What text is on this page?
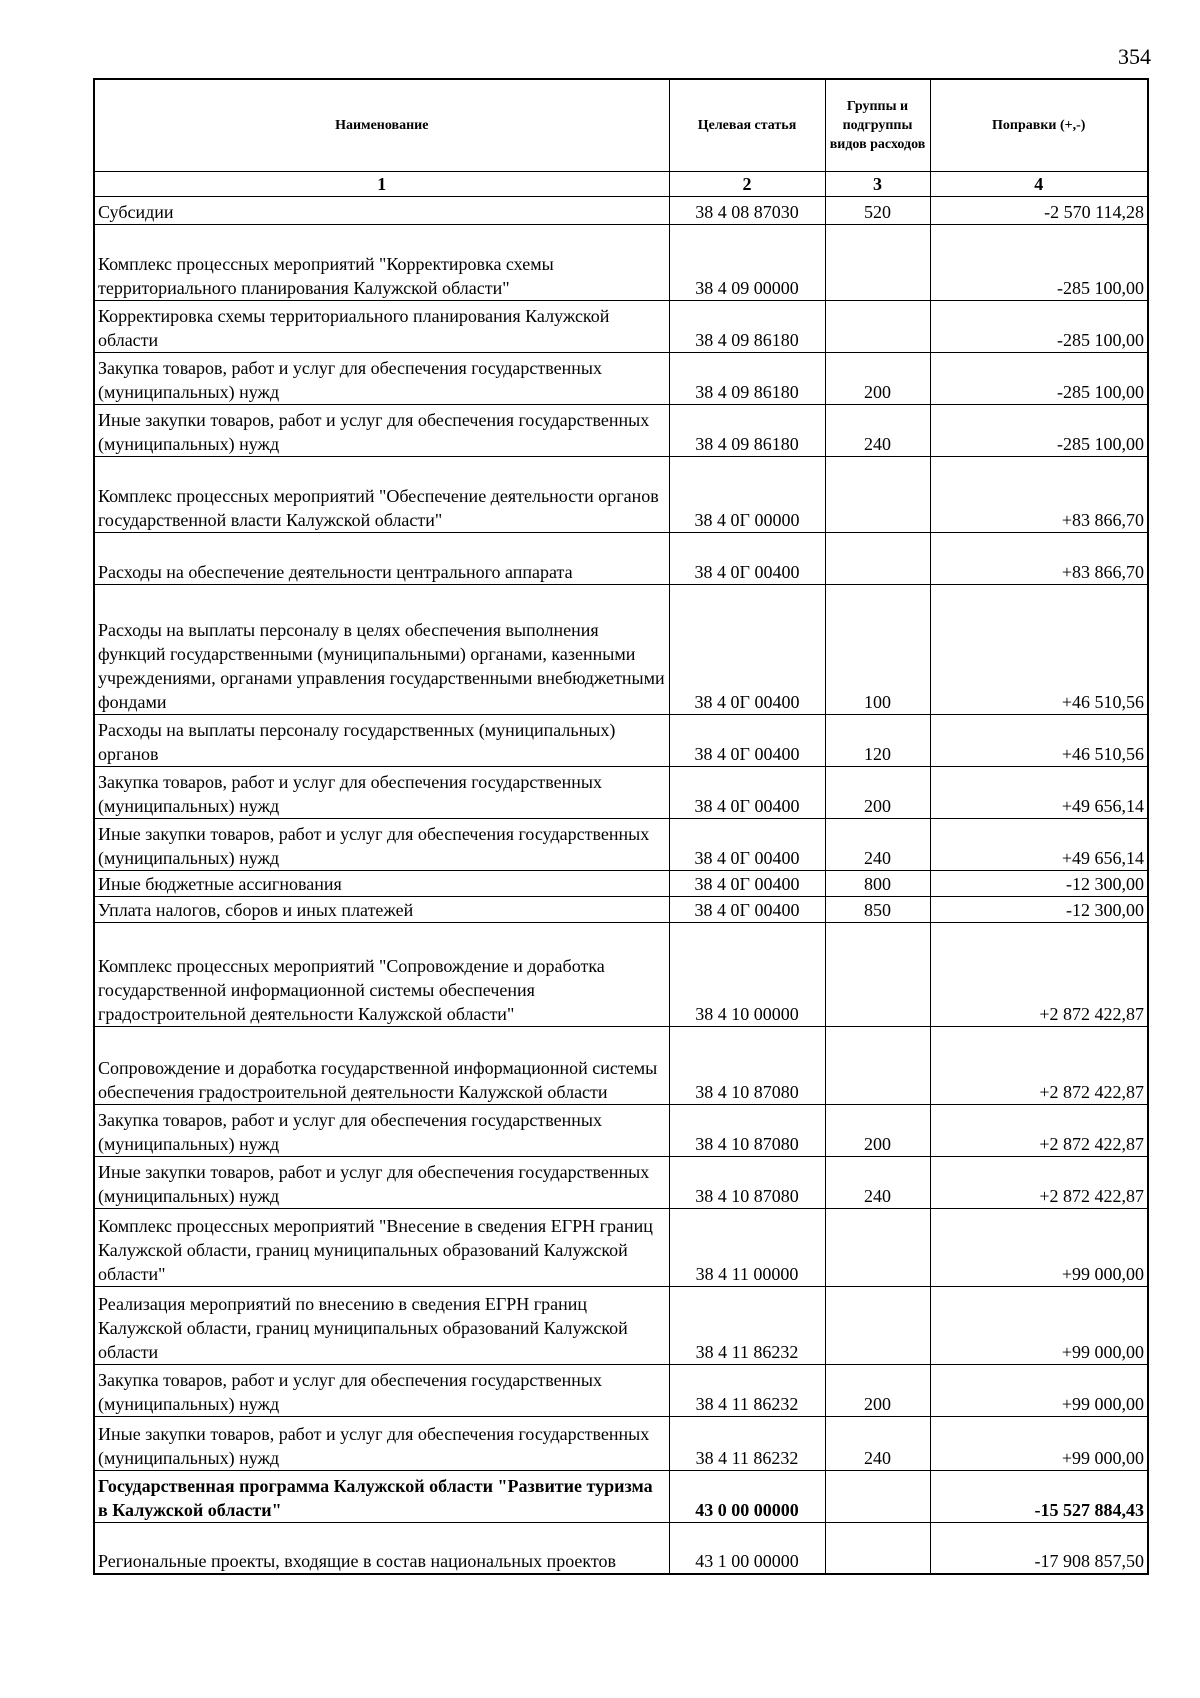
354
Наименование	Целевая статья	Группы и подгруппы видов расходов	Поправки (+,-)
1	2	3	4
Субсидии	38 4 08 87030	520	-2 570 114,28
Комплекс процессных мероприятий "Корректировка схемы территориального планирования Калужской области"	38 4 09 00000		-285 100,00
Корректировка схемы территориального планирования Калужской области	38 4 09 86180		-285 100,00
Закупка товаров, работ и услуг для обеспечения государственных (муниципальных) нужд	38 4 09 86180	200	-285 100,00
Иные закупки товаров, работ и услуг для обеспечения государственных (муниципальных) нужд	38 4 09 86180	240	-285 100,00
Комплекс процессных мероприятий "Обеспечение деятельности органов государственной власти Калужской области"	38 4 0Г 00000		+83 866,70
Расходы на обеспечение деятельности центрального аппарата	38 4 0Г 00400		+83 866,70
Расходы на выплаты персоналу в целях обеспечения выполнения функций государственными (муниципальными) органами, казенными учреждениями, органами управления государственными внебюджетными фондами	38 4 0Г 00400	100	+46 510,56
Расходы на выплаты персоналу государственных (муниципальных) органов	38 4 0Г 00400	120	+46 510,56
Закупка товаров, работ и услуг для обеспечения государственных (муниципальных) нужд	38 4 0Г 00400	200	+49 656,14
Иные закупки товаров, работ и услуг для обеспечения государственных (муниципальных) нужд	38 4 0Г 00400	240	+49 656,14
Иные бюджетные ассигнования	38 4 0Г 00400	800	-12 300,00
Уплата налогов, сборов и иных платежей	38 4 0Г 00400	850	-12 300,00
Комплекс процессных мероприятий "Сопровождение и доработка государственной информационной системы обеспечения градостроительной деятельности Калужской области"	38 4 10 00000		+2 872 422,87
Сопровождение и доработка государственной информационной системы обеспечения градостроительной деятельности Калужской области	38 4 10 87080		+2 872 422,87
Закупка товаров, работ и услуг для обеспечения государственных (муниципальных) нужд	38 4 10 87080	200	+2 872 422,87
Иные закупки товаров, работ и услуг для обеспечения государственных (муниципальных) нужд	38 4 10 87080	240	+2 872 422,87
Комплекс процессных мероприятий "Внесение в сведения ЕГРН границ Калужской области, границ муниципальных образований Калужской области"	38 4 11 00000		+99 000,00
Реализация мероприятий по внесению в сведения ЕГРН границ Калужской области, границ муниципальных образований Калужской области	38 4 11 86232		+99 000,00
Закупка товаров, работ и услуг для обеспечения государственных (муниципальных) нужд	38 4 11 86232	200	+99 000,00
Иные закупки товаров, работ и услуг для обеспечения государственных (муниципальных) нужд	38 4 11 86232	240	+99 000,00
Государственная программа Калужской области "Развитие туризма в Калужской области"	43 0 00 00000		-15 527 884,43
Региональные проекты, входящие в состав национальных проектов	43 1 00 00000		-17 908 857,50
